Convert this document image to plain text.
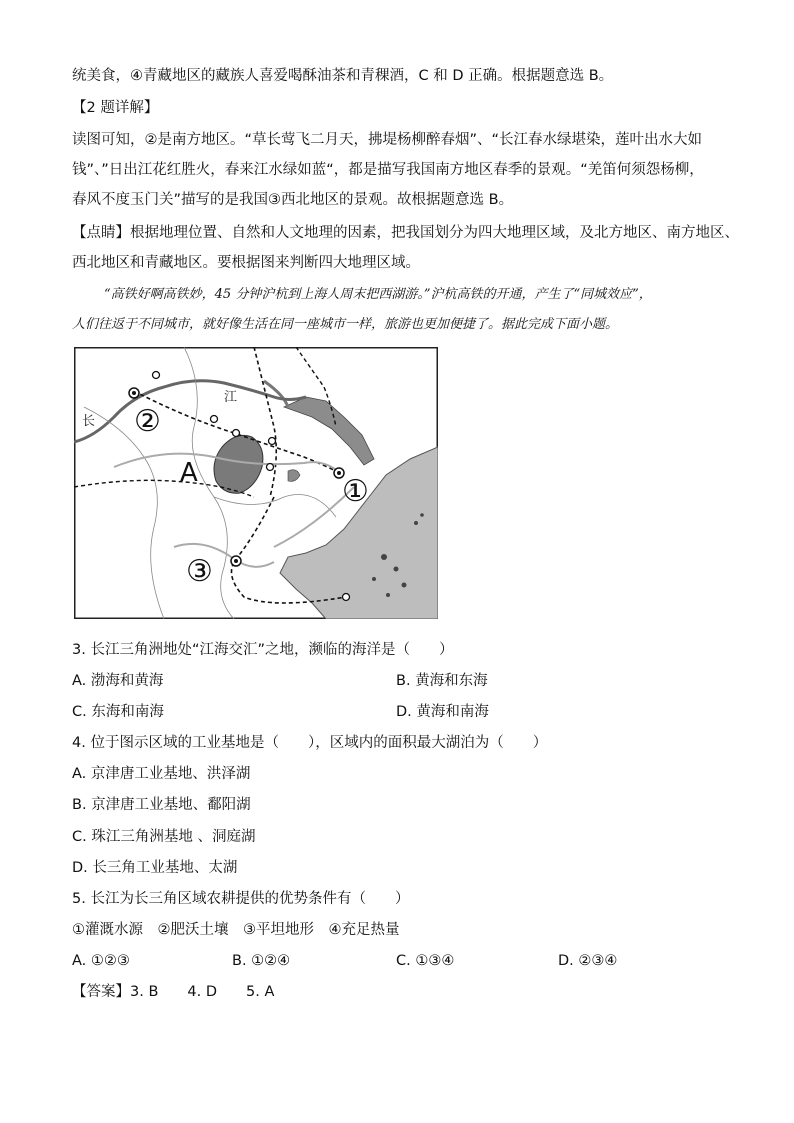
统美食，④青藏地区的藏族人喜爱喝酥油茶和青稞酒，C 和 D 正确。根据题意选 B。
【2 题详解】
读图可知，②是南方地区。“草长莺飞二月天，拂堤杨柳醉春烟”、“长江春水绿堪染，莲叶出水大如
钱”、”日出江花红胜火，春来江水绿如蓝“，都是描写我国南方地区春季的景观。“羌笛何须怨杨柳，
春风不度玉门关”描写的是我国③西北地区的景观。故根据题意选 B。
【点睛】根据地理位置、自然和人文地理的因素，把我国划分为四大地理区域，及北方地区、南方地区、
西北地区和青藏地区。要根据图来判断四大地理区域。
“高铁好啊高铁妙，45 分钟沪杭到上海人周末把西湖游。”沪杭高铁的开通，产生了“同城效应”，
人们往返于不同城市，就好像生活在同一座城市一样，旅游也更加便捷了。据此完成下面小题。
长
江
A
②
①
③
3. 长江三角洲地处“江海交汇”之地，濒临的海洋是（　　）
A. 渤海和黄海	B. 黄海和东海
C. 东海和南海	D. 黄海和南海
4. 位于图示区域的工业基地是（　　），区域内的面积最大湖泊为（　　）
A. 京津唐工业基地、洪泽湖
B. 京津唐工业基地、鄱阳湖
C. 珠江三角洲基地 、洞庭湖
D. 长三角工业基地、太湖
5. 长江为长三角区域农耕提供的优势条件有（　　）
①灌溉水源　②肥沃土壤　③平坦地形　④充足热量
A. ①②③	B. ①②④	C. ①③④	D. ②③④
【答案】3. B　　4. D　　5. A
